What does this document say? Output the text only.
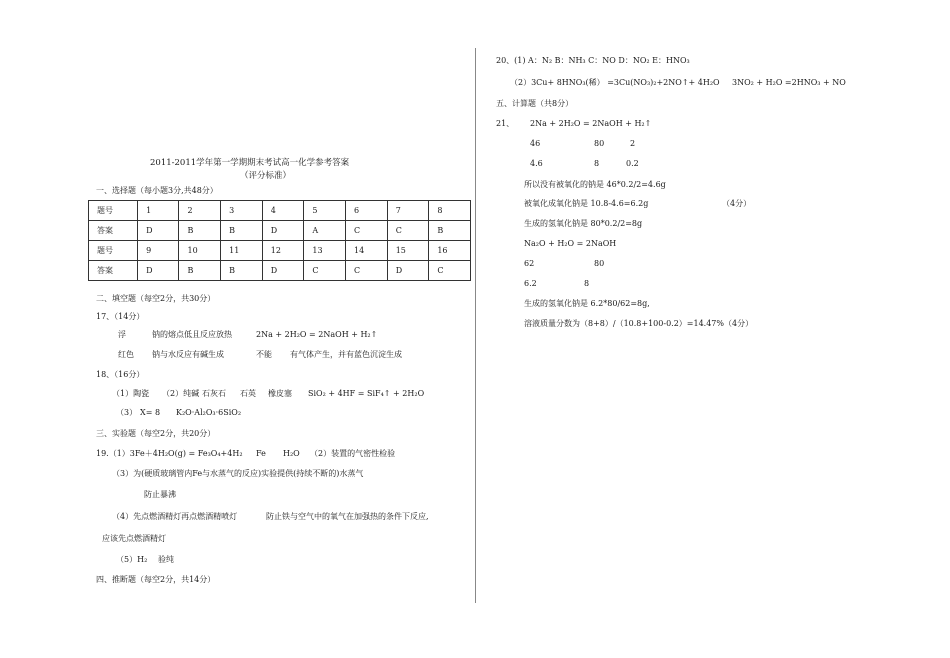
2011-2011学年第一学期期末考试高一化学参考答案
（评分标准）
一、选择题（每小题3分,共48分）
题号	1	2	3	4	5	6	7	8
答案	D	B	B	D	A	C	C	B
题号	9	10	11	12	13	14	15	16
答案	D	B	B	D	C	C	D	C
二、填空题（每空2分，共30分）
17、（14分）
浮	钠的熔点低且反应放热	2Na + 2H₂O = 2NaOH + H₂↑
红色 钠与水反应有碱生成	不能 有气体产生，并有蓝色沉淀生成
18、（16分）
（1）陶瓷 （2）纯碱 石灰石 石英 橡皮塞 SiO₂ + 4HF = SiF₄↑ + 2H₂O
（3） X= 8 K₂O·Al₂O₃·6SiO₂
三、实验题（每空2分，共20分）
19.（1）3Fe＋4H₂O(g) = Fe₃O₄+4H₂ Fe H₂O （2）装置的气密性检验
（3）为(硬质玻璃管内Fe与水蒸气的反应)实验提供(持续不断的)水蒸气
防止暴沸
（4）先点燃酒精灯再点燃酒精喷灯	防止铁与空气中的氧气在加强热的条件下反应,
应该先点燃酒精灯
（5）H₂ 验纯
四、推断题（每空2分，共14分）
20、(1) A：N₂ B：NH₃ C：NO D：NO₂ E：HNO₃
（2）3Cu+ 8HNO₃(稀） =3Cu(NO₃)₂+2NO↑+ 4H₂O 3NO₂ + H₂O =2HNO₃ + NO
五、计算题（共8分）
21、 2Na + 2H₂O = 2NaOH + H₂↑
46	80	2
4.6	8	0.2
所以没有被氧化的钠是 46*0.2/2=4.6g
被氧化成氧化钠是 10.8-4.6=6.2g	（4分）
生成的氢氧化钠是 80*0.2/2=8g
Na₂O + H₂O = 2NaOH
62	80
6.2	8
生成的氢氧化钠是 6.2*80/62=8g,
溶液质量分数为（8+8）/（10.8+100-0.2）=14.47%（4分）
